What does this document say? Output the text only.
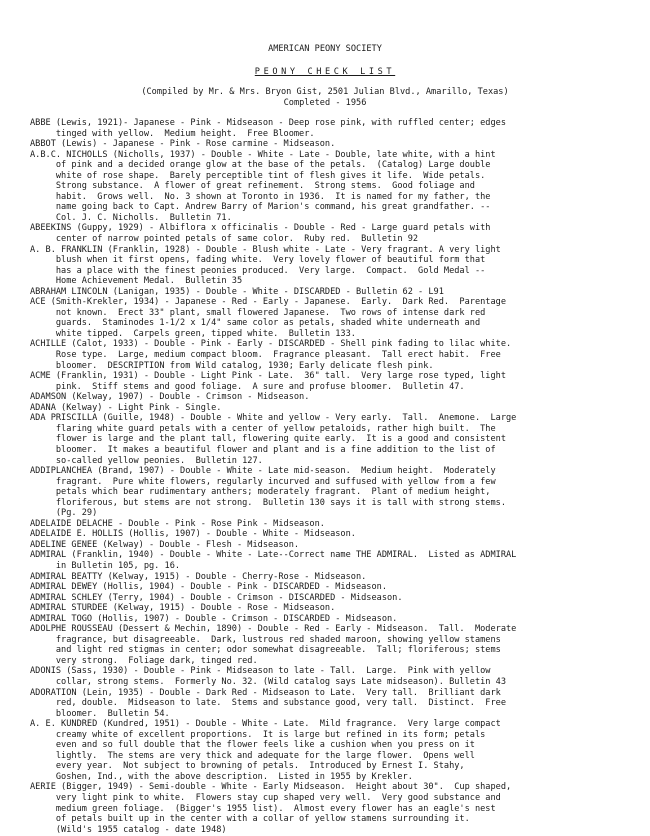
AMERICAN PEONY SOCIETY
PEONY CHECK LIST
(Compiled by Mr. & Mrs. Bryon Gist, 2501 Julian Blvd., Amarillo, Texas)
Completed - 1956
ABBE (Lewis, 1921)- Japanese - Pink - Midseason - Deep rose pink, with ruffled center; edges
tinged with yellow.  Medium height.  Free Bloomer.
ABBOT (Lewis) - Japanese - Pink - Rose carmine - Midseason.
A.B.C. NICHOLLS (Nicholls, 1937) - Double - White - Late - Double, late white, with a hint
of pink and a decided orange glow at the base of the petals.  (Catalog) Large double
white of rose shape.  Barely perceptible tint of flesh gives it life.  Wide petals.
Strong substance.  A flower of great refinement.  Strong stems.  Good foliage and
habit.  Grows well.  No. 3 shown at Toronto in 1936.  It is named for my father, the
name going back to Capt. Andrew Barry of Marion's command, his great grandfather. --
Col. J. C. Nicholls.  Bulletin 71.
ABEEKINS (Guppy, 1929) - Albiflora x officinalis - Double - Red - Large guard petals with
center of narrow pointed petals of same color.  Ruby red.  Bulletin 92
A. B. FRANKLIN (Franklin, 1928) - Double - Blush white - Late - Very fragrant. A very light
blush when it first opens, fading white.  Very lovely flower of beautiful form that
has a place with the finest peonies produced.  Very large.  Compact.  Gold Medal --
Home Achievement Medal.  Bulletin 35
ABRAHAM LINCOLN (Lanigan, 1935) - Double - White - DISCARDED - Bulletin 62 - L91
ACE (Smith-Krekler, 1934) - Japanese - Red - Early - Japanese.  Early.  Dark Red.  Parentage
not known.  Erect 33" plant, small flowered Japanese.  Two rows of intense dark red
guards.  Staminodes 1-1/2 x 1/4" same color as petals, shaded white underneath and
white tipped.  Carpels green, tipped white.  Bulletin 133.
ACHILLE (Calot, 1933) - Double - Pink - Early - DISCARDED - Shell pink fading to lilac white.
Rose type.  Large, medium compact bloom.  Fragrance pleasant.  Tall erect habit.  Free
bloomer.  DESCRIPTION from Wild catalog, 1930; Early delicate flesh pink.
ACME (Franklin, 1931) - Double - Light Pink - Late.  36" tall.  Very large rose typed, light
pink.  Stiff stems and good foliage.  A sure and profuse bloomer.  Bulletin 47.
ADAMSON (Kelway, 1907) - Double - Crimson - Midseason.
ADANA (Kelway) - Light Pink - Single.
ADA PRISCILLA (Guille, 1948) - Double - White and yellow - Very early.  Tall.  Anemone.  Large
flaring white guard petals with a center of yellow petaloids, rather high built.  The
flower is large and the plant tall, flowering quite early.  It is a good and consistent
bloomer.  It makes a beautiful flower and plant and is a fine addition to the list of
so-called yellow peonies.  Bulletin 127.
ADDIPLANCHEA (Brand, 1907) - Double - White - Late mid-season.  Medium height.  Moderately
fragrant.  Pure white flowers, regularly incurved and suffused with yellow from a few
petals which bear rudimentary anthers; moderately fragrant.  Plant of medium height,
floriferous, but stems are not strong.  Bulletin 130 says it is tall with strong stems.
(Pg. 29)
ADELAIDE DELACHE - Double - Pink - Rose Pink - Midseason.
ADELAIDE E. HOLLIS (Hollis, 1907) - Double - White - Midseason.
ADELINE GENEE (Kelway) - Double - Flesh - Midseason.
ADMIRAL (Franklin, 1940) - Double - White - Late--Correct name THE ADMIRAL.  Listed as ADMIRAL
in Bulletin 105, pg. 16.
ADMIRAL BEATTY (Kelway, 1915) - Double - Cherry-Rose - Midseason.
ADMIRAL DEWEY (Hollis, 1904) - Double - Pink - DISCARDED - Midseason.
ADMIRAL SCHLEY (Terry, 1904) - Double - Crimson - DISCARDED - Midseason.
ADMIRAL STURDEE (Kelway, 1915) - Double - Rose - Midseason.
ADMIRAL TOGO (Hollis, 1907) - Double - Crimson - DISCARDED - Midseason.
ADOLPHE ROUSSEAU (Dessert & Mechin, 1890) - Double - Red - Early - Midseason.  Tall.  Moderate
fragrance, but disagreeable.  Dark, lustrous red shaded maroon, showing yellow stamens
and light red stigmas in center; odor somewhat disagreeable.  Tall; floriferous; stems
very strong.  Foliage dark, tinged red.
ADONIS (Sass, 1930) - Double - Pink - Midseason to late - Tall.  Large.  Pink with yellow
collar, strong stems.  Formerly No. 32. (Wild catalog says Late midseason). Bulletin 43
ADORATION (Lein, 1935) - Double - Dark Red - Midseason to Late.  Very tall.  Brilliant dark
red, double.  Midseason to late.  Stems and substance good, very tall.  Distinct.  Free
bloomer.  Bulletin 54.
A. E. KUNDRED (Kundred, 1951) - Double - White - Late.  Mild fragrance.  Very large compact
creamy white of excellent proportions.  It is large but refined in its form; petals
even and so full double that the flower feels like a cushion when you press on it
lightly.  The stems are very thick and adequate for the large flower.  Opens well
every year.  Not subject to browning of petals.  Introduced by Ernest I. Stahy,
Goshen, Ind., with the above description.  Listed in 1955 by Krekler.
AERIE (Bigger, 1949) - Semi-double - White - Early Midseason.  Height about 30".  Cup shaped,
very light pink to white.  Flowers stay cup shaped very well.  Very good substance and
medium green foliage.  (Bigger's 1955 list).  Almost every flower has an eagle's nest
of petals built up in the center with a collar of yellow stamens surrounding it.
(Wild's 1955 catalog - date 1948)
